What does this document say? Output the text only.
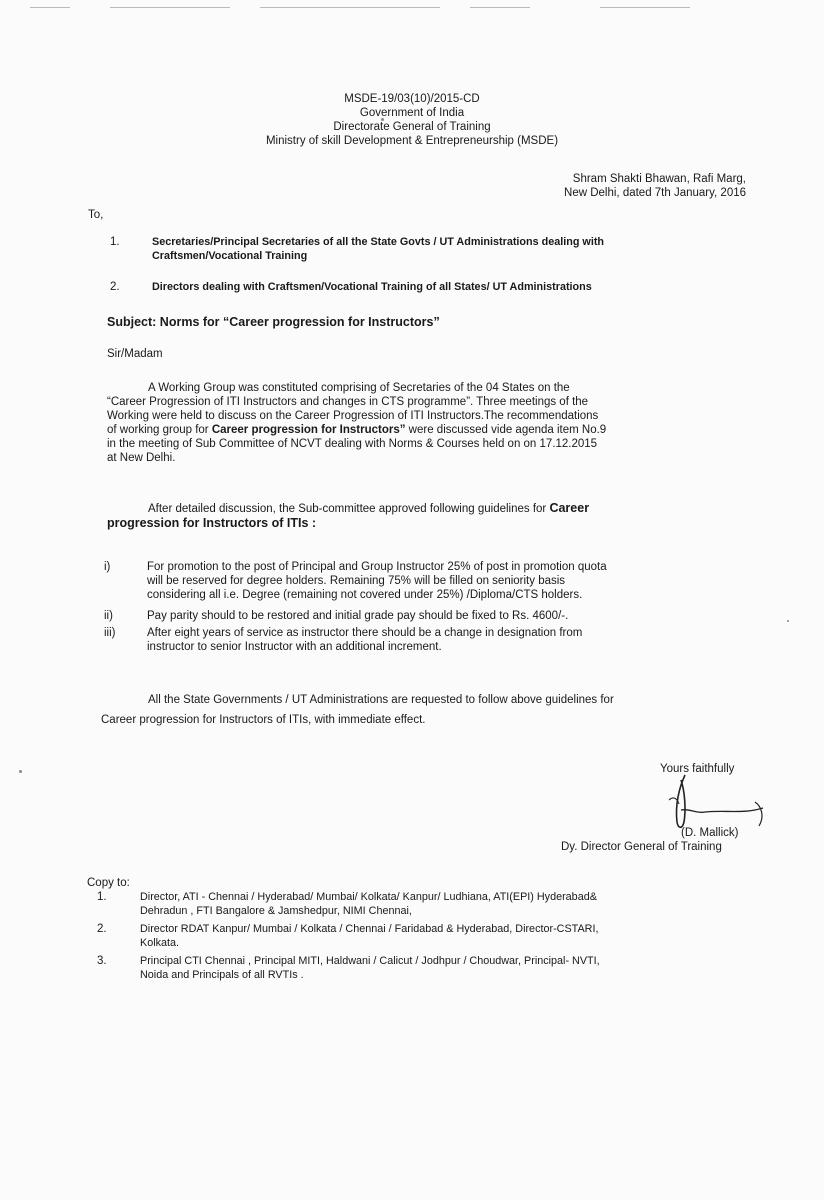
MSDE-19/03(10)/2015-CD
Government of India
Directorate General of Training
Ministry of skill Development & Entrepreneurship (MSDE)
Shram Shakti Bhawan, Rafi Marg,
New Delhi, dated 7th January, 2016
To,
1.	Secretaries/Principal Secretaries of all the State Govts / UT Administrations dealing with
Craftsmen/Vocational Training
2.	Directors dealing with Craftsmen/Vocational Training of all States/ UT Administrations
Subject: Norms for “Career progression for Instructors”
Sir/Madam
A Working Group was constituted comprising of Secretaries of the 04 States on the
“Career Progression of ITI Instructors and changes in CTS programme”. Three meetings of the
Working were held to discuss on the Career Progression of ITI Instructors.The recommendations
of working group for Career progression for Instructors” were discussed vide agenda item No.9
in the meeting of Sub Committee of NCVT dealing with Norms & Courses held on on 17.12.2015
at New Delhi.
After detailed discussion, the Sub-committee approved following guidelines for Career
progression for Instructors of ITIs :
i)	For promotion to the post of Principal and Group Instructor 25% of post in promotion quota
will be reserved for degree holders. Remaining 75% will be filled on seniority basis
considering all i.e. Degree (remaining not covered under 25%) /Diploma/CTS holders.
ii)	Pay parity should to be restored and initial grade pay should be fixed to Rs. 4600/-.
iii)	After eight years of service as instructor there should be a change in designation from
instructor to senior Instructor with an additional increment.
All the State Governments / UT Administrations are requested to follow above guidelines for
Career progression for Instructors of ITIs, with immediate effect.
Yours faithfully
(D. Mallick)
Dy. Director General of Training
Copy to:
1.	Director, ATI - Chennai / Hyderabad/ Mumbai/ Kolkata/ Kanpur/ Ludhiana, ATI(EPI) Hyderabad&
Dehradun , FTI Bangalore & Jamshedpur, NIMI Chennai,
2.	Director RDAT Kanpur/ Mumbai / Kolkata / Chennai / Faridabad & Hyderabad, Director-CSTARI,
Kolkata.
3.	Principal CTI Chennai , Principal MITI, Haldwani / Calicut / Jodhpur / Choudwar, Principal- NVTI,
Noida and Principals of all RVTIs .
